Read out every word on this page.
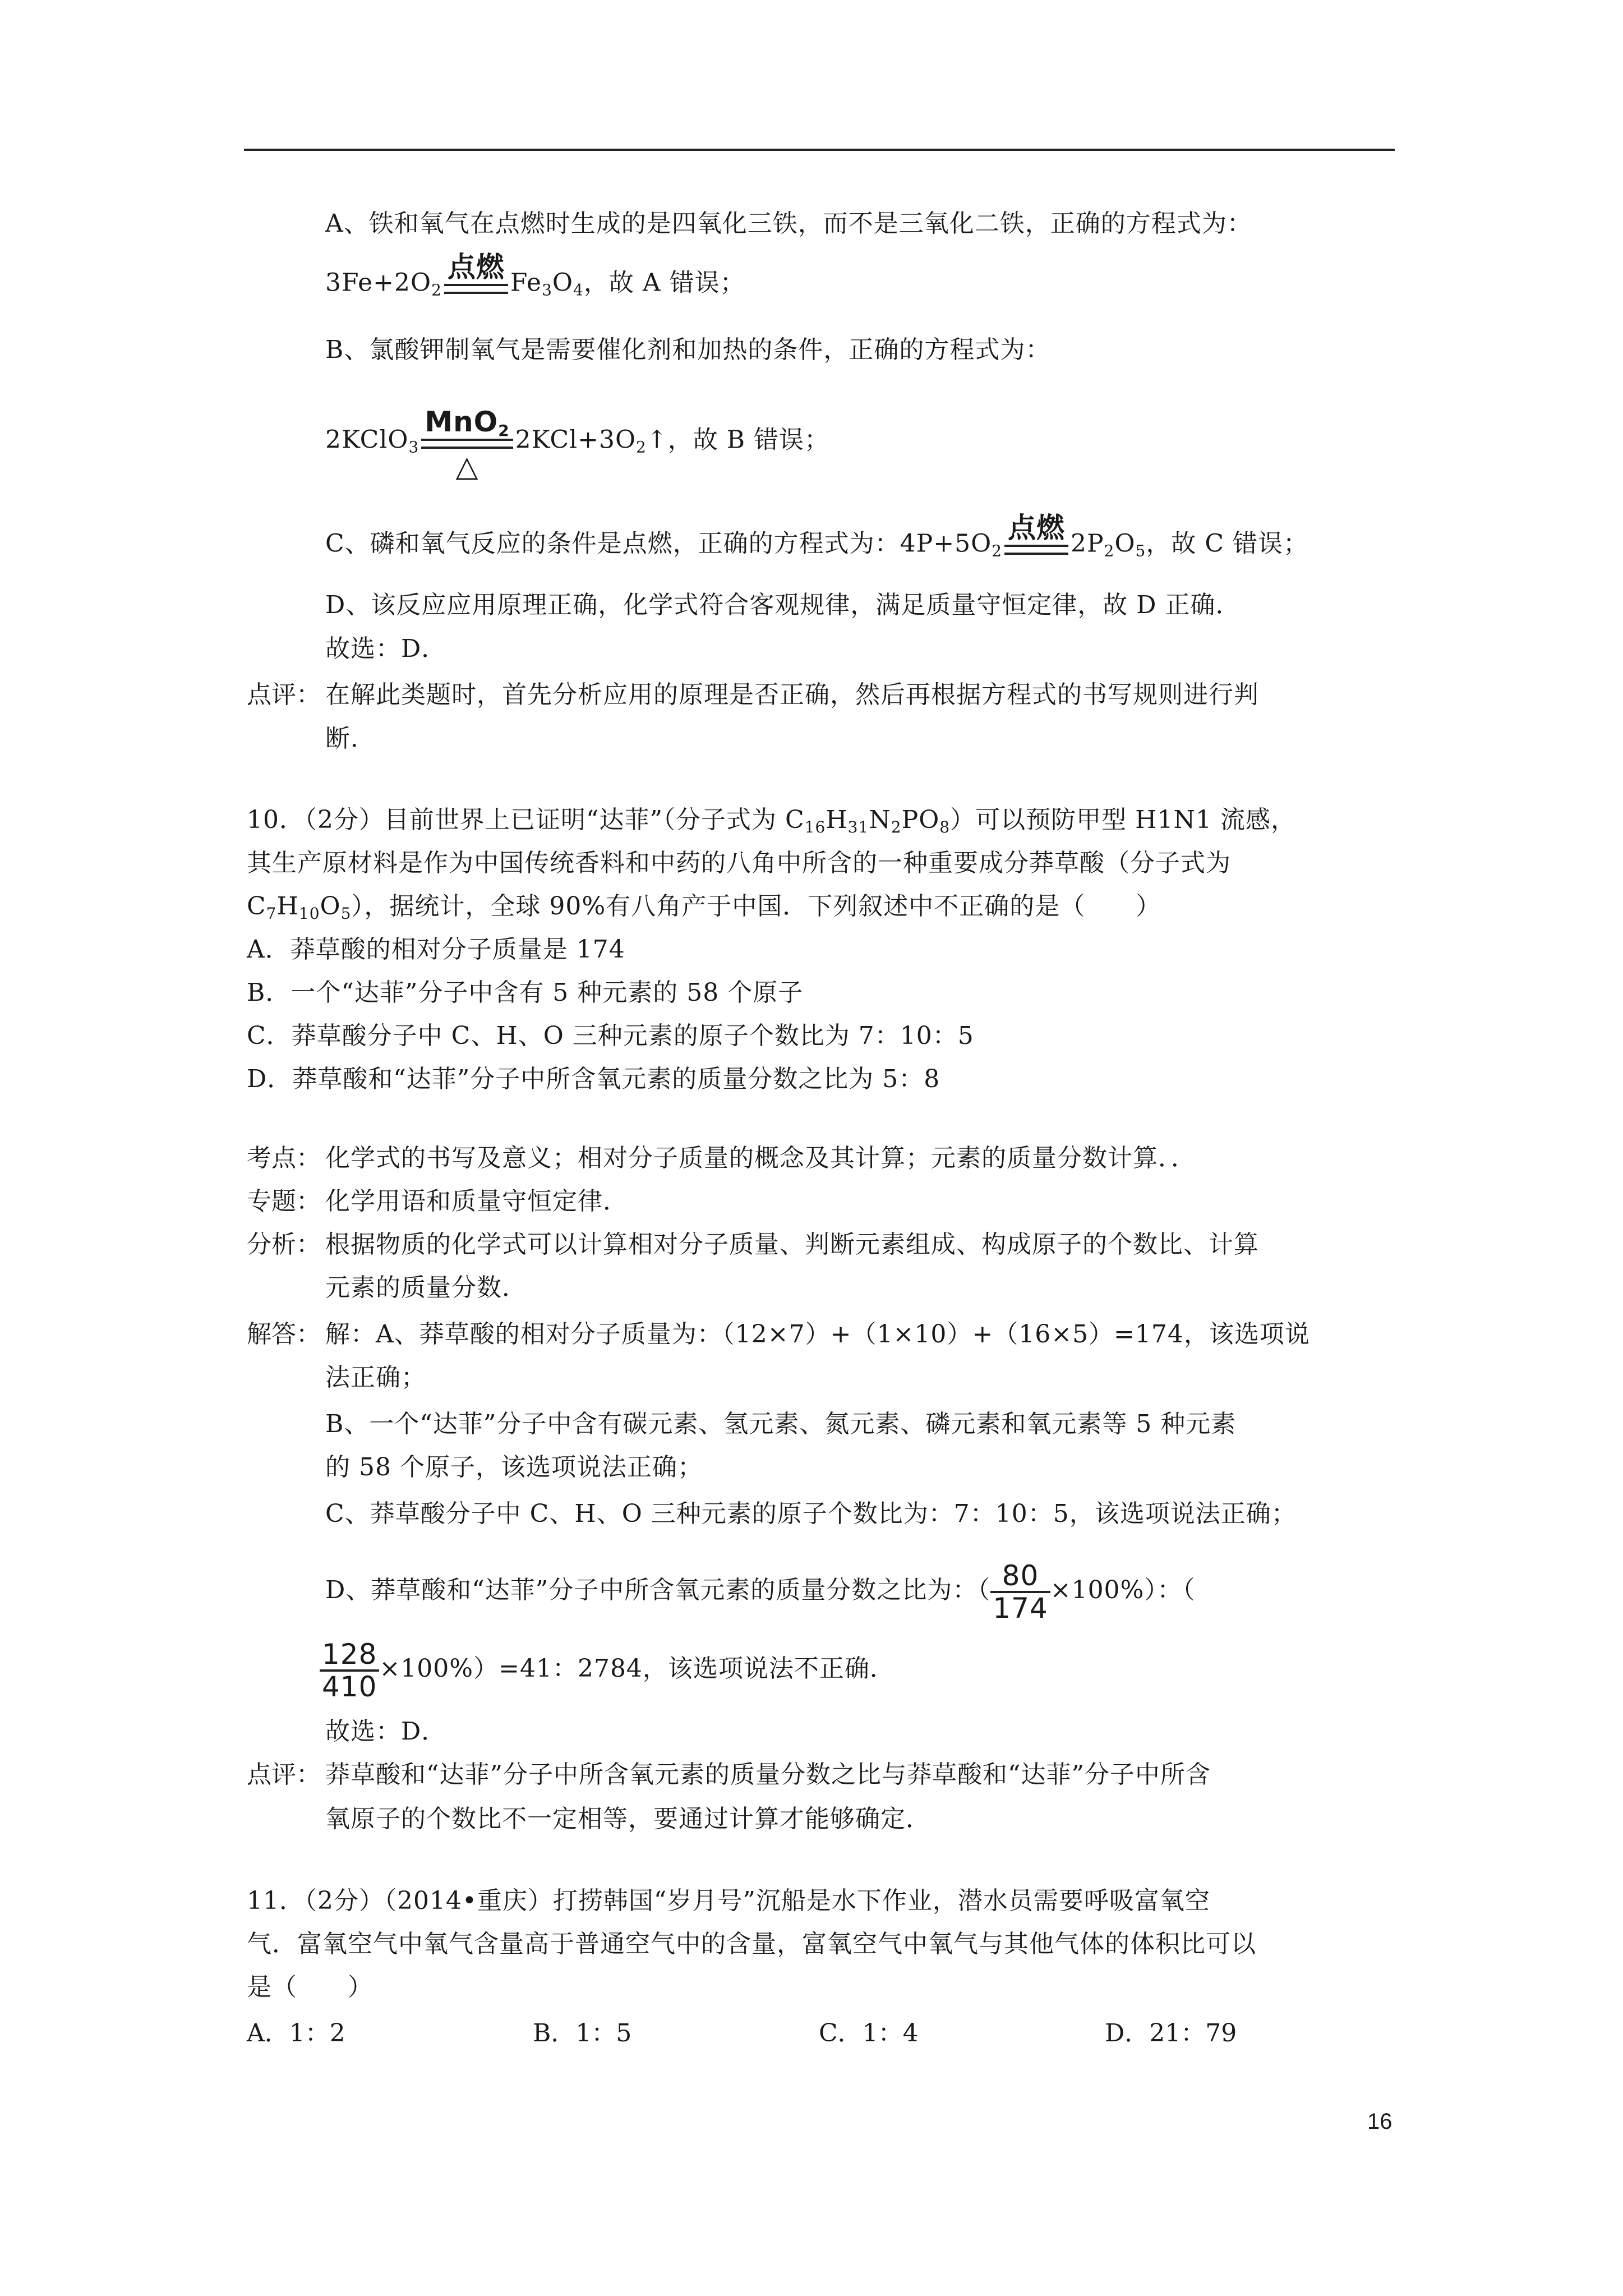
A、铁和氧气在点燃时生成的是四氧化三铁，而不是三氧化二铁，正确的方程式为：
$3Fe+2O_2$
点燃 $Fe_3O_4$，故 A 错误；
B、氯酸钾制氧气是需要催化剂和加热的条件，正确的方程式为：
2KClO$_3$
MnO$_2$
△
$2KCl+3O_2↑$，故 B 错误；
C、磷和氧气反应的条件是点燃，正确的方程式为：$4P+5O_2$
点燃 $2P_2O_5$，故 C 错误；
D、该反应应用原理正确，化学式符合客观规律，满足质量守恒定律，故 D 正确．
故选：D．
点评： 在解此类题时，首先分析应用的原理是否正确，然后再根据方程式的书写规则进行判
断．
10．（2分）目前世界上已证明“达菲”（分子式为 $C_{16}H_{31}N_2PO_8$）可以预防甲型 H1N1 流感，
其生产原材料是作为中国传统香料和中药的八角中所含的一种重要成分莽草酸（分子式为
$C_7H_{10}O_5$），据统计，全球 90%有八角产于中国．下列叙述中不正确的是（　　）
A．莽草酸的相对分子质量是 174
B．一个“达菲”分子中含有 5 种元素的 58 个原子
C．莽草酸分子中 C、H、O 三种元素的原子个数比为 7：10：5
D．莽草酸和“达菲”分子中所含氧元素的质量分数之比为 5：8
考点： 化学式的书写及意义；相对分子质量的概念及其计算；元素的质量分数计算．．
专题： 化学用语和质量守恒定律．
分析： 根据物质的化学式可以计算相对分子质量、判断元素组成、构成原子的个数比、计算
元素的质量分数．
解答： 解：A、莽草酸的相对分子质量为：（12×7）+（1×10）+（16×5）=174，该选项说
法正确；
B、一个“达菲”分子中含有碳元素、氢元素、氮元素、磷元素和氧元素等 5 种元素
的 58 个原子，该选项说法正确；
C、莽草酸分子中 C、H、O 三种元素的原子个数比为：7：10：5，该选项说法正确；
D、莽草酸和“达菲”分子中所含氧元素的质量分数之比为：（ $\frac{80}{174} \times 100\%$）：（
$\frac{128}{410} \times 100\%)=41$：2784，该选项说法不正确．
故选：D．
点评： 莽草酸和“达菲”分子中所含氧元素的质量分数之比与莽草酸和“达菲”分子中所含
氧原子的个数比不一定相等，要通过计算才能够确定．
11．（2分）（2014•重庆）打捞韩国“岁月号”沉船是水下作业，潜水员需要呼吸富氧空
气．富氧空气中氧气含量高于普通空气中的含量，富氧空气中氧气与其他气体的体积比可以
是（　　）
A．1：2	B．1：5	C．1：4	D．21：79
16
